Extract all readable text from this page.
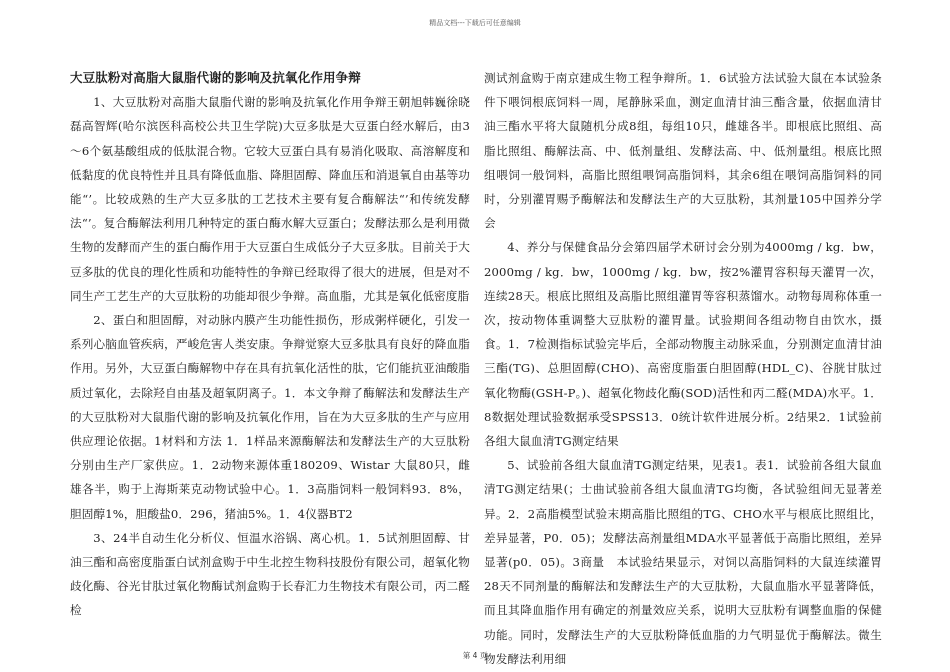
精品文档---下载后可任意编辑

大豆肽粉对高脂大鼠脂代谢的影响及抗氧化作用争辩

1、大豆肽粉对高脂大鼠脂代谢的影响及抗氧化作用争辩王朝旭韩巍徐晓磊高智辉(哈尔滨医科高校公共卫生学院)大豆多肽是大豆蛋白经水解后，由3～6个氨基酸组成的低肽混合物。它较大豆蛋白具有易消化吸取、高溶解度和低黏度的优良特性并且具有降低血脂、降胆固醇、降血压和消退氧自由基等功能“’。比较成熟的生产大豆多肽的工艺技术主要有复合酶解法“’和传统发酵法“’。复合酶解法利用几种特定的蛋白酶水解大豆蛋白；发酵法那么是利用微生物的发酵而产生的蛋白酶作用于大豆蛋白生成低分子大豆多肽。目前关于大豆多肽的优良的理化性质和功能特性的争辩已经取得了很大的进展，但是对不同生产工艺生产的大豆肽粉的功能却很少争辩。高血脂，尤其是氧化低密度脂

2、蛋白和胆固醇，对动脉内膜产生功能性损伤，形成粥样硬化，引发一系列心脑血管疾病，严峻危害人类安康。争辩觉察大豆多肽具有良好的降血脂作用。另外，大豆蛋白酶解物中存在具有抗氧化活性的肽，它们能抗亚油酸脂质过氧化，去除羟自由基及超氧阴离子。1．本文争辩了酶解法和发酵法生产的大豆肽粉对大鼠脂代谢的影响及抗氧化作用，旨在为大豆多肽的生产与应用供应理论依据。1材料和方法 1．1样品来源酶解法和发酵法生产的大豆肽粉分别由生产厂家供应。1．2动物来源体重180209、Wistar 大鼠80只，雌雄各半，购于上海斯莱克动物试验中心。1．3高脂饲料一般饲料93．8%，胆固醇1%，胆酸盐0．296，猪油5%。1．4仪器BT2

3、24半自动生化分析仪、恒温水浴锅、离心机。1．5试剂胆固醇、甘油三酯和高密度脂蛋白试剂盒购于中生北控生物科技股份有限公司，超氧化物歧化酶、谷光甘肽过氧化物酶试剂盒购于长春汇力生物技术有限公司，丙二醛检

测试剂盒购于南京建成生物工程争辩所。1．6试验方法试验大鼠在本试验条件下喂饲根底饲料一周，尾静脉采血，测定血清甘油三酯含量，依据血清甘油三酯水平将大鼠随机分成8组，每组10只，雌雄各半。即根底比照组、高脂比照组、酶解法高、中、低剂量组、发酵法高、中、低剂量组。根底比照组喂饲一般饲料，高脂比照组喂饲高脂饲料，其余6组在喂饲高脂饲料的同时，分别灌胃赐予酶解法和发酵法生产的大豆肽粉，其剂量105中国养分学会

4、养分与保健食品分会第四届学术研讨会分别为4000mg / kg．bw，2000mg / kg．bw，1000mg / kg．bw，按2%灌胃容积每天灌胃一次，连续28天。根底比照组及高脂比照组灌胃等容积蒸馏水。动物每周称体重一次，按动物体重调整大豆肽粉的灌胃量。试验期间各组动物自由饮水，摄食。1．7检测指标试验完毕后，全部动物腹主动脉采血，分别测定血清甘油三酯(TG)、总胆固醇(CHO)、高密度脂蛋白胆固醇(HDL_C)、谷胱甘肽过氧化物酶(GSH-P。)、超氧化物歧化酶(SOD)活性和丙二醛(MDA)水平。1．8数据处理试验数据承受SPSS13．0统计软件进展分析。2结果2．1试验前各组大鼠血清TG测定结果

5、试验前各组大鼠血清TG测定结果，见表1。表1．试验前各组大鼠血清TG测定结果(；士曲试验前各组大鼠血清TG均衡，各试验组间无显著差异。2．2高脂模型试验末期高脂比照组的TG、CHO水平与根底比照组比，差异显著，P0．05)；发酵法高剂量组MDA水平显著低于高脂比照组，差异显著(p0．05)。3商量　本试验结果显示，对饲以高脂饲料的大鼠连续灌胃28天不同剂量的酶解法和发酵法生产的大豆肽粉，大鼠血脂水平显著降低，而且其降血脂作用有确定的剂量效应关系，说明大豆肽粉有调整血脂的保健功能。同时，发酵法生产的大豆肽粉降低血脂的力气明显优于酶解法。微生物发酵法利用细

第 4 页
